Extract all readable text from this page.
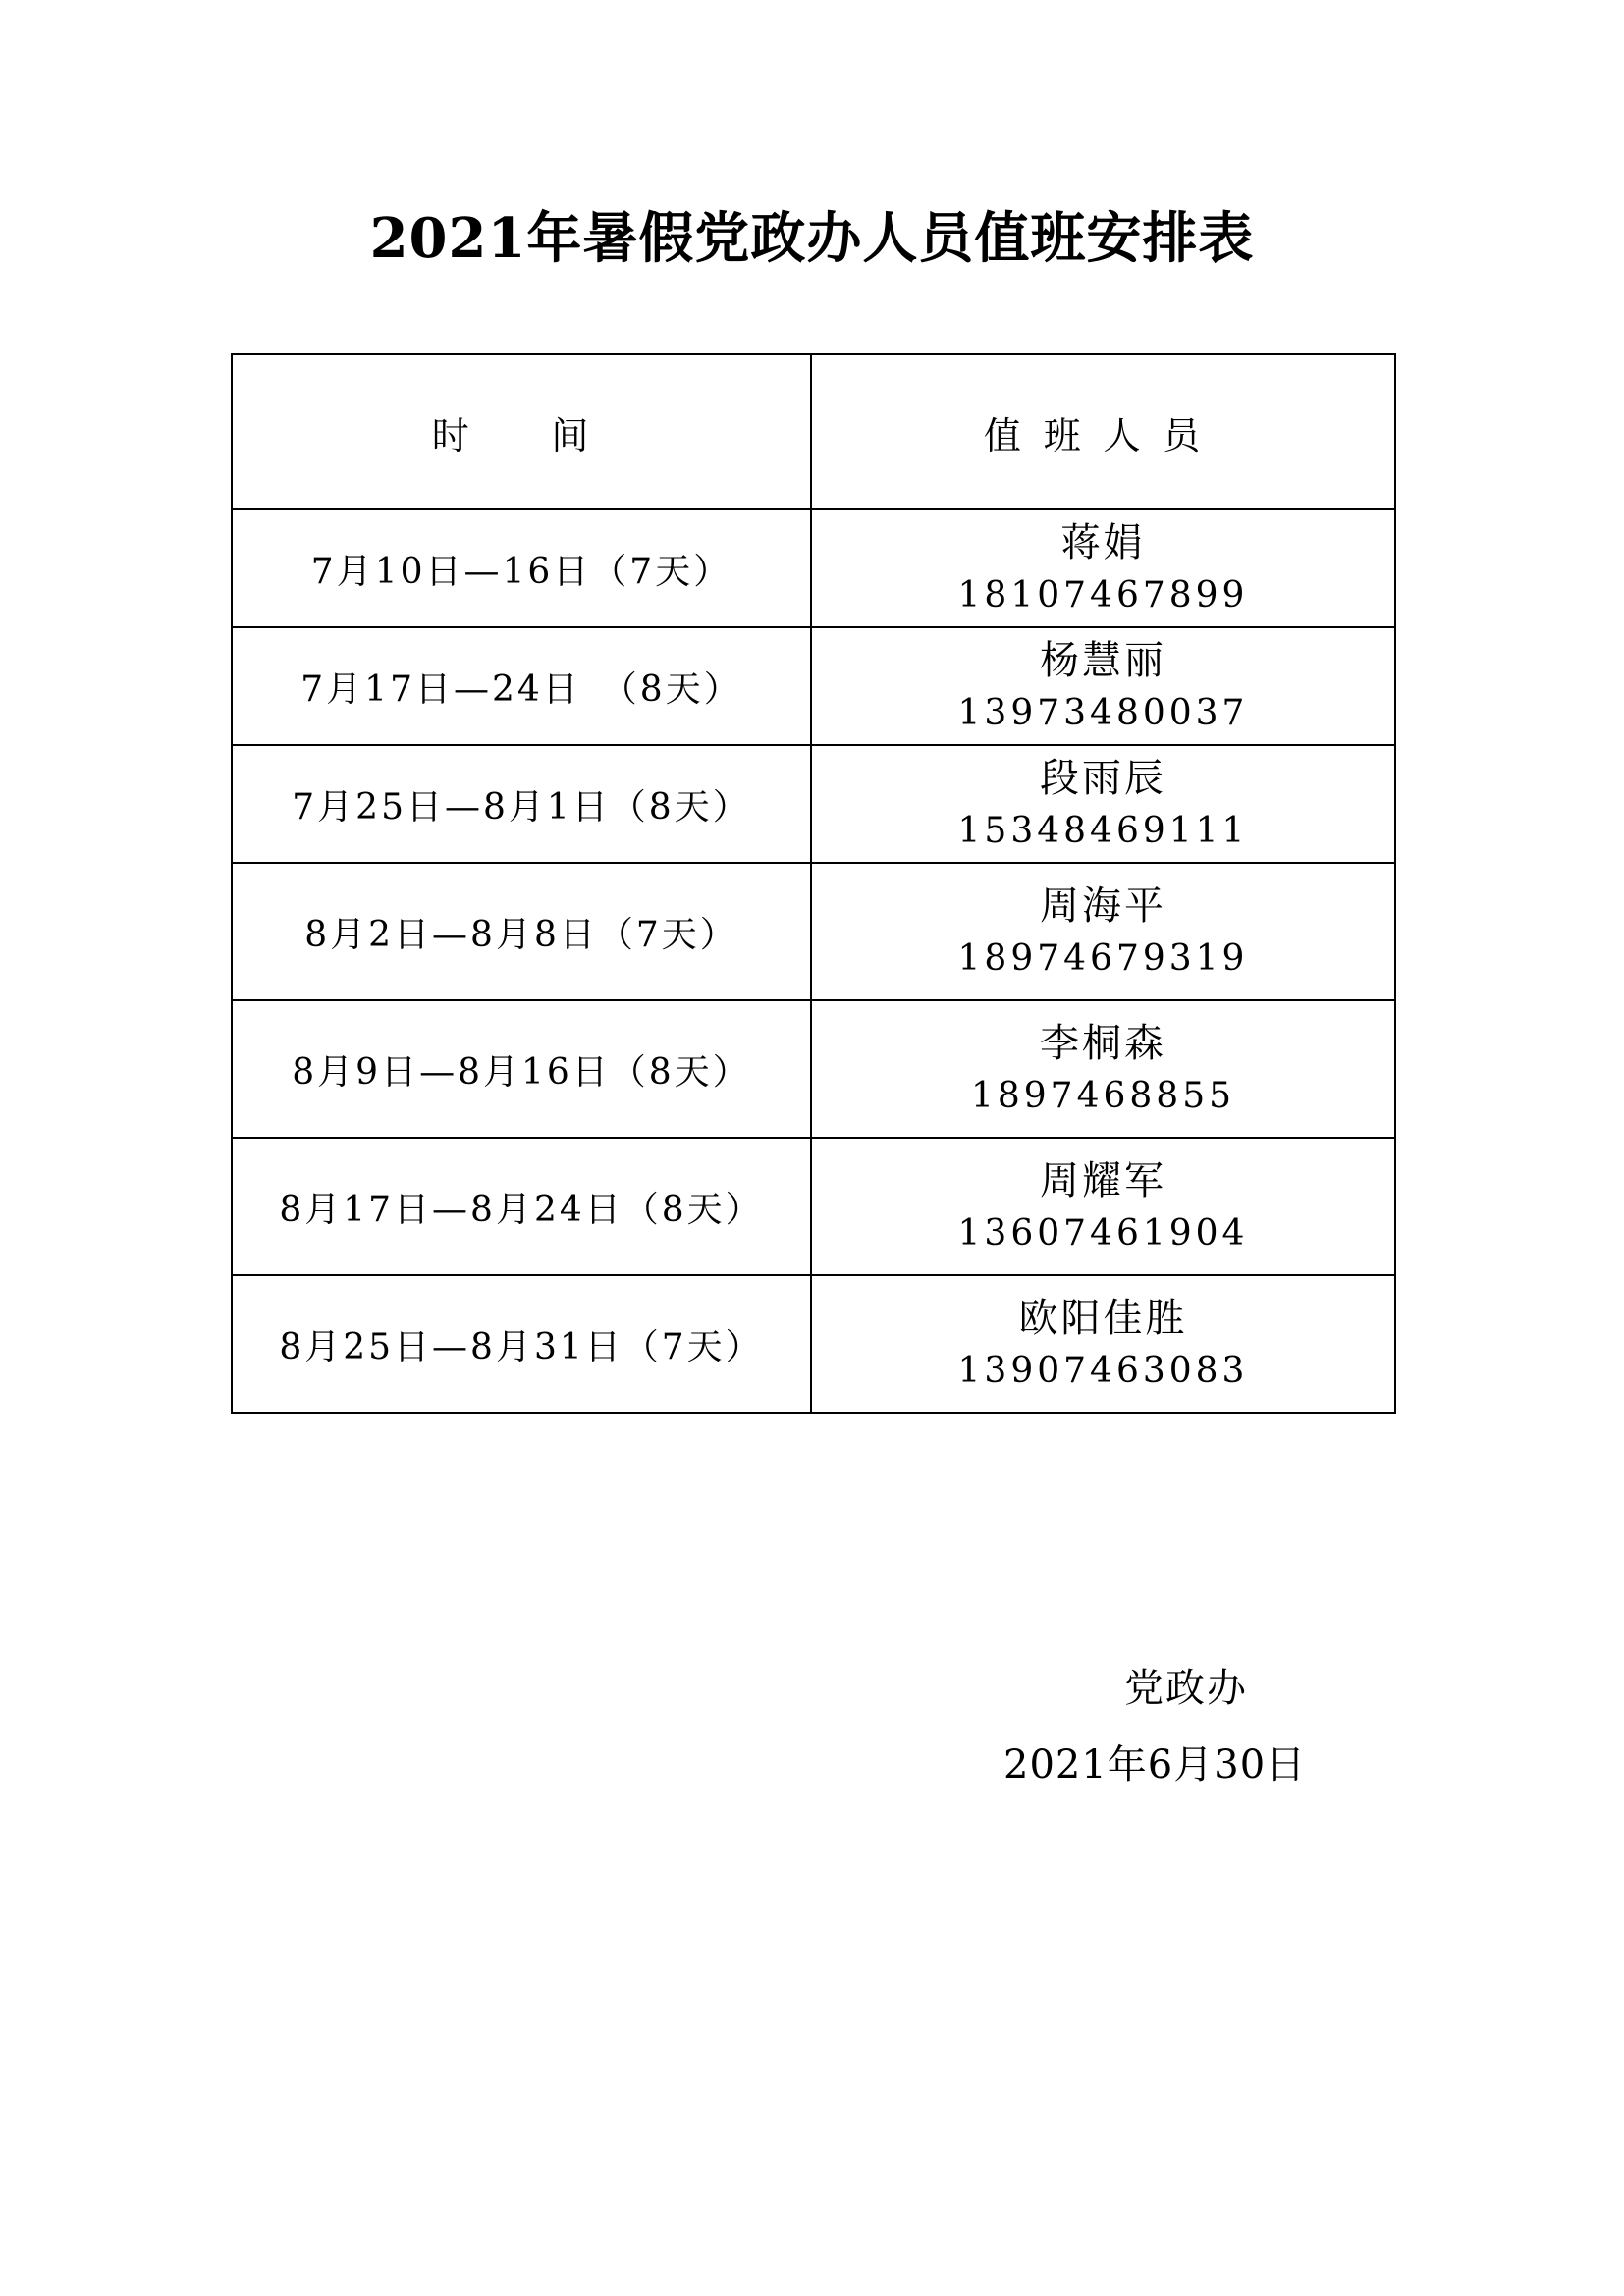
2021年暑假党政办人员值班安排表
时　间	值班人员
7月10日—16日（7天）	蒋娟
18107467899

7月17日—24日　（8天）	杨慧丽
13973480037

7月25日—8月1日（8天）	段雨辰
15348469111

8月2日—8月8日（7天）	周海平
18974679319

8月9日—8月16日（8天）	李桐森
1897468855

8月17日—8月24日（8天）	周耀军
13607461904

8月25日—8月31日（7天）	欧阳佳胜
13907463083
党政办
2021年6月30日
